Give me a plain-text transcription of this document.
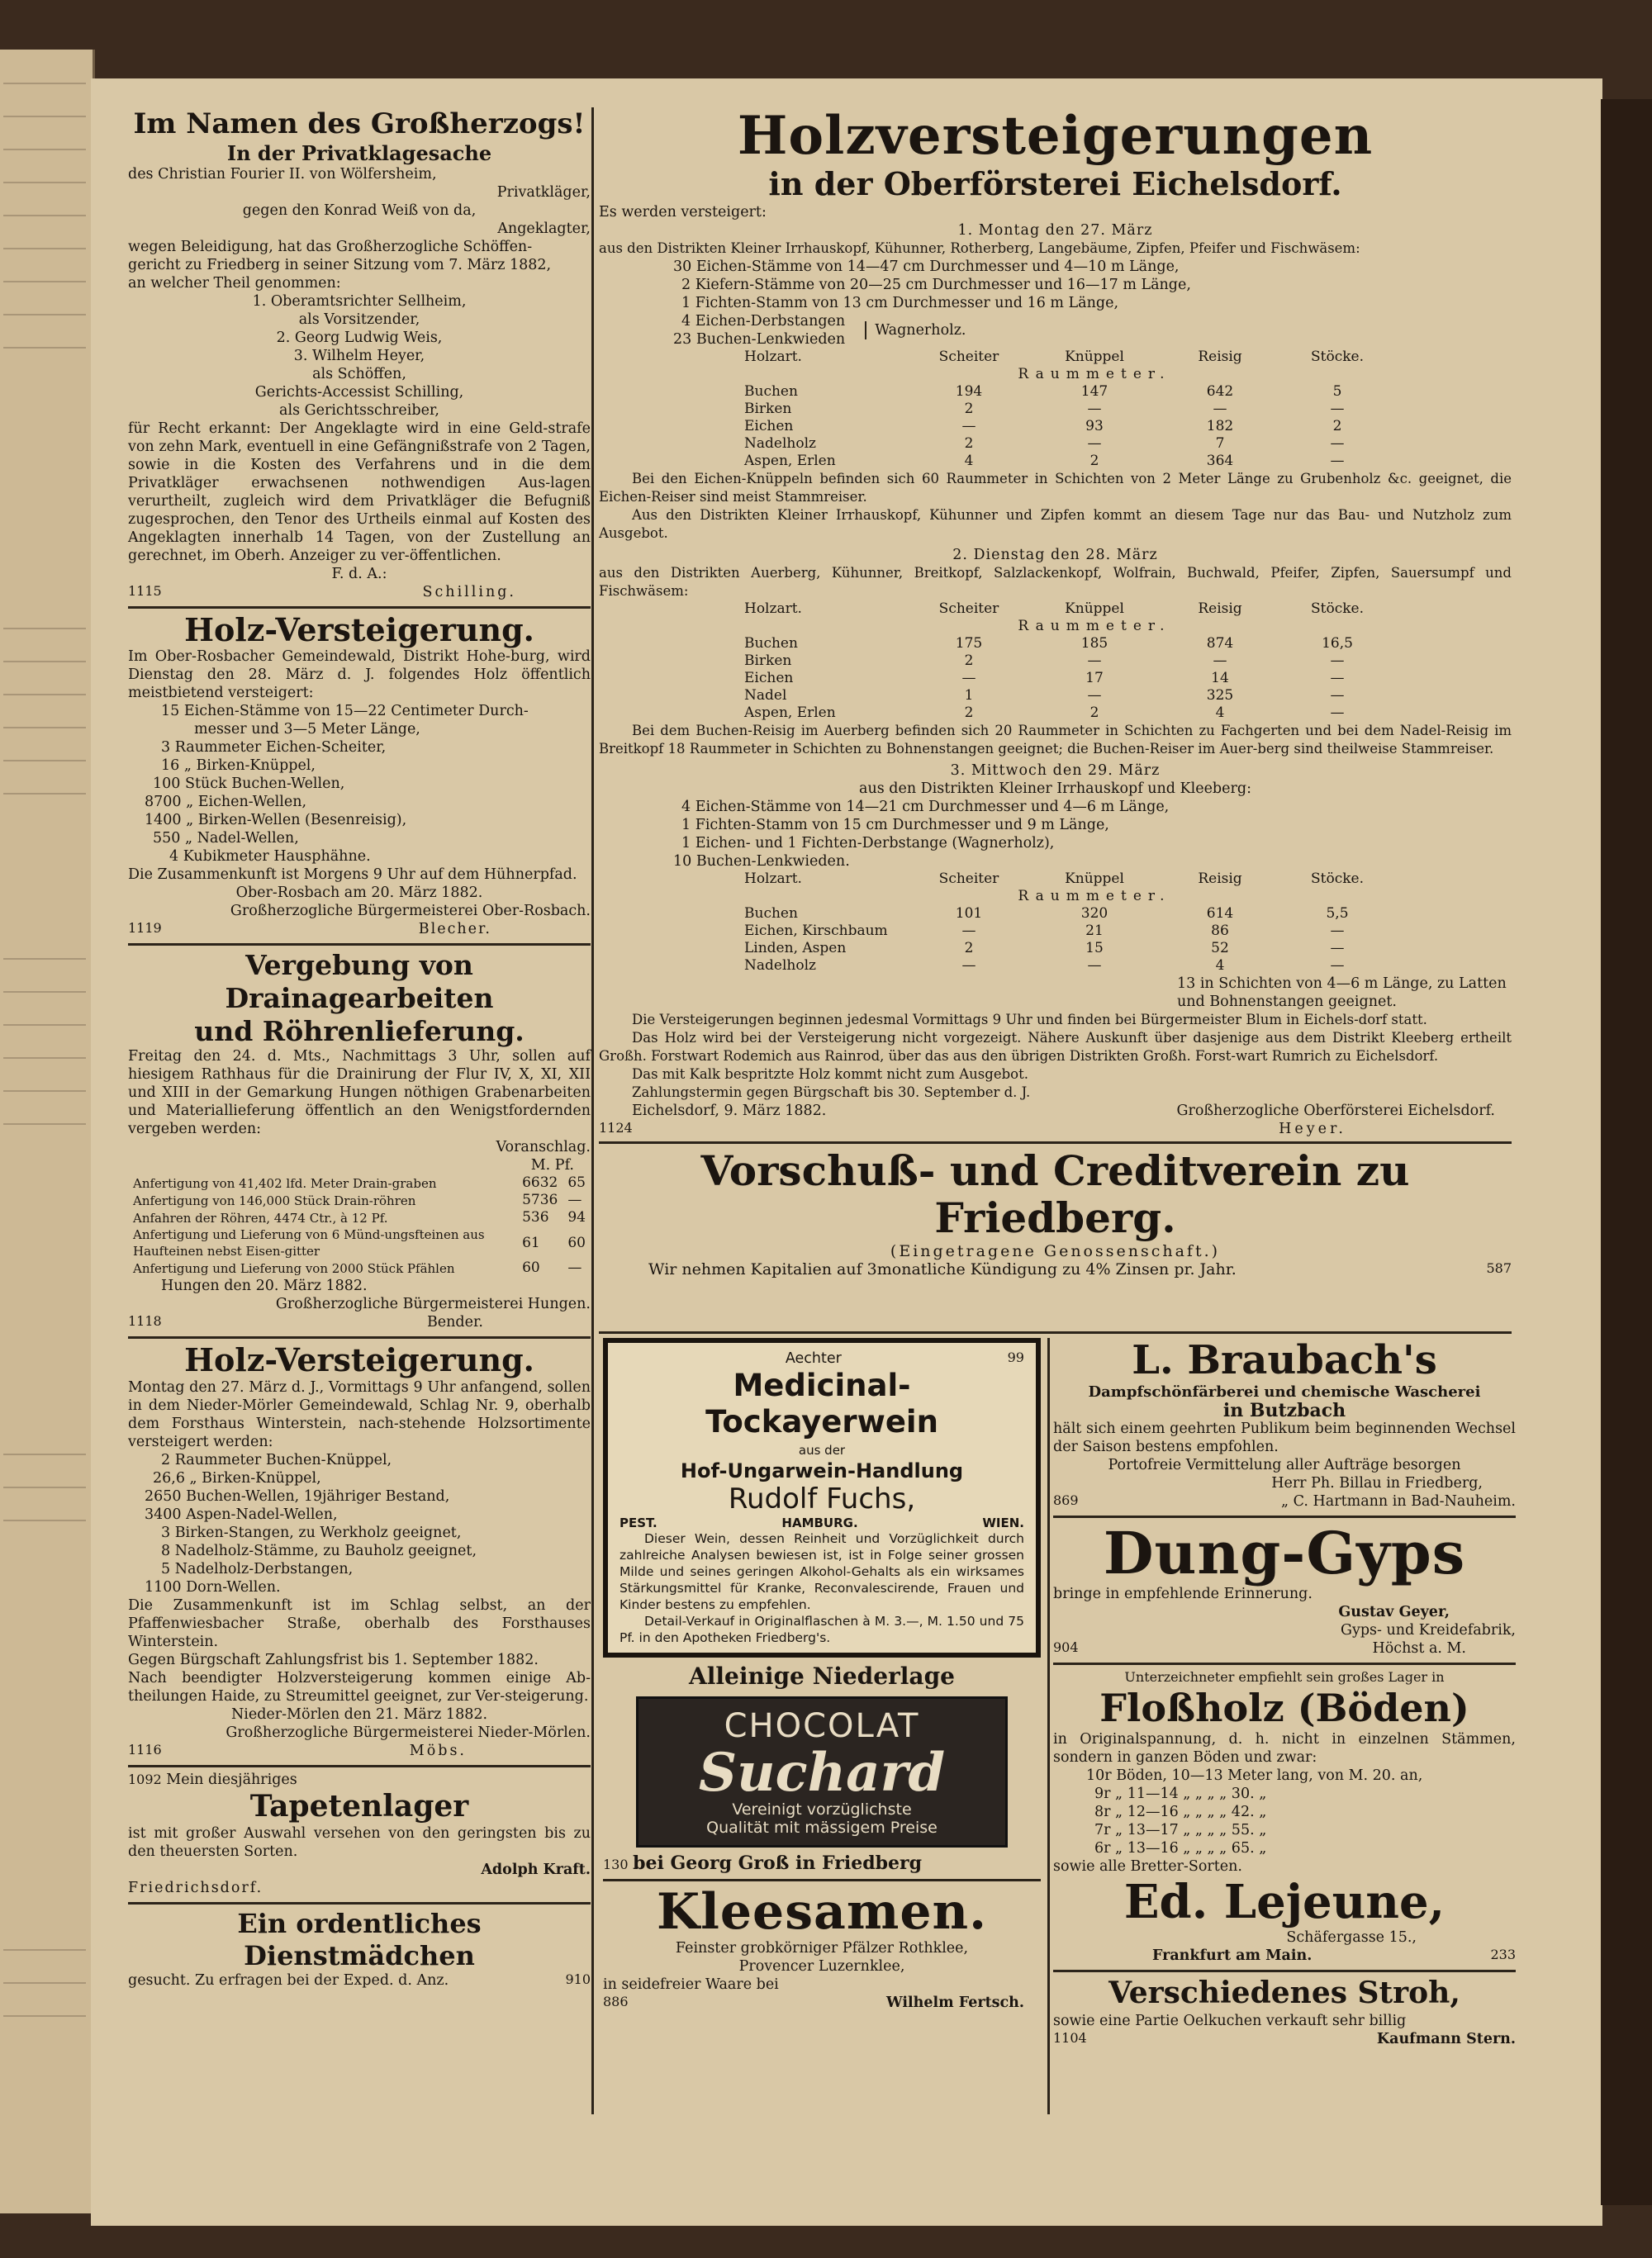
Im Namen des Großherzogs!
In der Privatklagesache
des Christian Fourier II. von Wölfersheim,
Privatkläger,
gegen den Konrad Weiß von da,
Angeklagter,
wegen Beleidigung, hat das Großherzogliche Schöffen-
gericht zu Friedberg in seiner Sitzung vom 7. März 1882,
an welcher Theil genommen:
1. Oberamtsrichter Sellheim,
als Vorsitzender,
2. Georg Ludwig Weis,
3. Wilhelm Heyer,
als Schöffen,
Gerichts-Accessist Schilling,
als Gerichtsschreiber,
für Recht erkannt: Der Angeklagte wird in eine Geld-strafe von zehn Mark, eventuell in eine Gefängnißstrafe von 2 Tagen, sowie in die Kosten des Verfahrens und in die dem Privatkläger erwachsenen nothwendigen Aus-lagen verurtheilt, zugleich wird dem Privatkläger die Befugniß zugesprochen, den Tenor des Urtheils einmal auf Kosten des Angeklagten innerhalb 14 Tagen, von der Zustellung an gerechnet, im Oberh. Anzeiger zu ver-öffentlichen.
F. d. A.:
1115	Schilling.
Holz-Versteigerung.
Im Ober-Rosbacher Gemeindewald, Distrikt Hohe-burg, wird Dienstag den 28. März d. J. folgendes Holz öffentlich meistbietend versteigert:
15 Eichen-Stämme von 15—22 Centimeter Durch-
messer und 3—5 Meter Länge,
3 Raummeter Eichen-Scheiter,
16 „ Birken-Knüppel,
100 Stück Buchen-Wellen,
8700 „ Eichen-Wellen,
1400 „ Birken-Wellen (Besenreisig),
550 „ Nadel-Wellen,
4 Kubikmeter Hausphähne.
Die Zusammenkunft ist Morgens 9 Uhr auf dem Hühnerpfad.
Ober-Rosbach am 20. März 1882.
Großherzogliche Bürgermeisterei Ober-Rosbach.
1119	Blecher.
Vergebung von Drainagearbeiten
und Röhrenlieferung.
Freitag den 24. d. Mts., Nachmittags 3 Uhr, sollen auf hiesigem Rathhaus für die Drainirung der Flur IV, X, XI, XII und XIII in der Gemarkung Hungen nöthigen Grabenarbeiten und Materiallieferung öffentlich an den Wenigstfordernden vergeben werden:
Voranschlag.
M. Pf.
Anfertigung von 41,402 lfd. Meter Drain-graben	6632	65
Anfertigung von 146,000 Stück Drain-röhren	5736	—
Anfahren der Röhren, 4474 Ctr., à 12 Pf.	536	94
Anfertigung und Lieferung von 6 Münd-ungsfteinen aus Haufteinen nebst Eisen-gitter	61	60
Anfertigung und Lieferung von 2000 Stück Pfählen	60	—
Hungen den 20. März 1882.
Großherzogliche Bürgermeisterei Hungen.
1118	Bender.
Holz-Versteigerung.
Montag den 27. März d. J., Vormittags 9 Uhr anfangend, sollen in dem Nieder-Mörler Gemeindewald, Schlag Nr. 9, oberhalb dem Forsthaus Winterstein, nach-stehende Holzsortimente versteigert werden:
2 Raummeter Buchen-Knüppel,
26,6 „ Birken-Knüppel,
2650 Buchen-Wellen, 19jähriger Bestand,
3400 Aspen-Nadel-Wellen,
3 Birken-Stangen, zu Werkholz geeignet,
8 Nadelholz-Stämme, zu Bauholz geeignet,
5 Nadelholz-Derbstangen,
1100 Dorn-Wellen.
Die Zusammenkunft ist im Schlag selbst, an der Pfaffenwiesbacher Straße, oberhalb des Forsthauses Winterstein.
Gegen Bürgschaft Zahlungsfrist bis 1. September 1882.
Nach beendigter Holzversteigerung kommen einige Ab-theilungen Haide, zu Streumittel geeignet, zur Ver-steigerung.
Nieder-Mörlen den 21. März 1882.
Großherzogliche Bürgermeisterei Nieder-Mörlen.
1116	Möbs.
1092 Mein diesjähriges
Tapetenlager
ist mit großer Auswahl versehen von den geringsten bis zu den theuersten Sorten.
Adolph Kraft.
Friedrichsdorf.
Ein ordentliches Dienstmädchen
gesucht. Zu erfragen bei der Exped. d. Anz.	910
Holzversteigerungen
in der Oberförsterei Eichelsdorf.
Es werden versteigert:
1. Montag den 27. März
aus den Distrikten Kleiner Irrhauskopf, Kühunner, Rotherberg, Langebäume, Zipfen, Pfeifer und Fischwäsem:
30 Eichen-Stämme von 14—47 cm Durchmesser und 4—10 m Länge,
2 Kiefern-Stämme von 20—25 cm Durchmesser und 16—17 m Länge,
1 Fichten-Stamm von 13 cm Durchmesser und 16 m Länge,
4 Eichen-Derbstangen
23 Buchen-Lenkwieden
Wagnerholz.
Holzart.	Scheiter	Knüppel	Reisig	Stöcke.
	Raummeter.			
Buchen	194	147	642	5
Birken	2	—	—	—
Eichen	—	93	182	2
Nadelholz	2	—	7	—
Aspen, Erlen	4	2	364	—
Bei den Eichen-Knüppeln befinden sich 60 Raummeter in Schichten von 2 Meter Länge zu Grubenholz &c. geeignet, die Eichen-Reiser sind meist Stammreiser.
Aus den Distrikten Kleiner Irrhauskopf, Kühunner und Zipfen kommt an diesem Tage nur das Bau- und Nutzholz zum Ausgebot.
2. Dienstag den 28. März
aus den Distrikten Auerberg, Kühunner, Breitkopf, Salzlackenkopf, Wolfrain, Buchwald, Pfeifer, Zipfen, Sauersumpf und Fischwäsem:
Holzart.	Scheiter	Knüppel	Reisig	Stöcke.
	Raummeter.			
Buchen	175	185	874	16,5
Birken	2	—	—	—
Eichen	—	17	14	—
Nadel	1	—	325	—
Aspen, Erlen	2	2	4	—
Bei dem Buchen-Reisig im Auerberg befinden sich 20 Raummeter in Schichten zu Fachgerten und bei dem Nadel-Reisig im Breitkopf 18 Raummeter in Schichten zu Bohnenstangen geeignet; die Buchen-Reiser im Auer-berg sind theilweise Stammreiser.
3. Mittwoch den 29. März
aus den Distrikten Kleiner Irrhauskopf und Kleeberg:
4 Eichen-Stämme von 14—21 cm Durchmesser und 4—6 m Länge,
1 Fichten-Stamm von 15 cm Durchmesser und 9 m Länge,
1 Eichen- und 1 Fichten-Derbstange (Wagnerholz),
10 Buchen-Lenkwieden.
Holzart.	Scheiter	Knüppel	Reisig	Stöcke.
	Raummeter.			
Buchen	101	320	614	5,5
Eichen, Kirschbaum	—	21	86	—
Linden, Aspen	2	15	52	—
Nadelholz	—	—	4	—
13 in Schichten von 4—6 m Länge, zu Latten und Bohnenstangen geeignet.
Die Versteigerungen beginnen jedesmal Vormittags 9 Uhr und finden bei Bürgermeister Blum in Eichels-dorf statt.
Das Holz wird bei der Versteigerung nicht vorgezeigt. Nähere Auskunft über dasjenige aus dem Distrikt Kleeberg ertheilt Großh. Forstwart Rodemich aus Rainrod, über das aus den übrigen Distrikten Großh. Forst-wart Rumrich zu Eichelsdorf.
Das mit Kalk bespritzte Holz kommt nicht zum Ausgebot.
Zahlungstermin gegen Bürgschaft bis 30. September d. J.
Eichelsdorf, 9. März 1882.	Großherzogliche Oberförsterei Eichelsdorf.
1124	Heyer.
Vorschuß- und Creditverein zu Friedberg.
(Eingetragene Genossenschaft.)
Wir nehmen Kapitalien auf 3monatliche Kündigung zu 4% Zinsen pr. Jahr.	587
Aechter	99
Medicinal-Tockayerwein
aus der
Hof-Ungarwein-Handlung
Rudolf Fuchs,
PEST.	HAMBURG.	WIEN.
Dieser Wein, dessen Reinheit und Vorzüglichkeit durch zahlreiche Analysen bewiesen ist, ist in Folge seiner grossen Milde und seines geringen Alkohol-Gehalts als ein wirksames Stärkungsmittel für Kranke, Reconvalescirende, Frauen und Kinder bestens zu empfehlen.
Detail-Verkauf in Originalflaschen à M. 3.—, M. 1.50 und 75 Pf. in den Apotheken Friedberg's.
Alleinige Niederlage
CHOCOLAT
Suchard
Vereinigt vorzüglichste
Qualität mit mässigem Preise
130 bei Georg Groß in Friedberg
Kleesamen.
Feinster grobkörniger Pfälzer Rothklee,
Provencer Luzernklee,
in seidefreier Waare bei
886	Wilhelm Fertsch.
L. Braubach's
Dampfschönfärberei und chemische Wascherei
in Butzbach
hält sich einem geehrten Publikum beim beginnenden Wechsel der Saison bestens empfohlen.
Portofreie Vermittelung aller Aufträge besorgen
Herr Ph. Billau in Friedberg,
869	„ C. Hartmann in Bad-Nauheim.
Dung-Gyps
bringe in empfehlende Erinnerung.
Gustav Geyer,
Gyps- und Kreidefabrik,
904	Höchst a. M.
Unterzeichneter empfiehlt sein großes Lager in
Floßholz (Böden)
in Originalspannung, d. h. nicht in einzelnen Stämmen, sondern in ganzen Böden und zwar:
10r Böden, 10—13 Meter lang, von M. 20. an,
9r „ 11—14 „ „ „ „ 30. „
8r „ 12—16 „ „ „ „ 42. „
7r „ 13—17 „ „ „ „ 55. „
6r „ 13—16 „ „ „ „ 65. „
sowie alle Bretter-Sorten.
Ed. Lejeune,
Schäfergasse 15.,
Frankfurt am Main.	233
Verschiedenes Stroh,
sowie eine Partie Oelkuchen verkauft sehr billig
1104	Kaufmann Stern.
